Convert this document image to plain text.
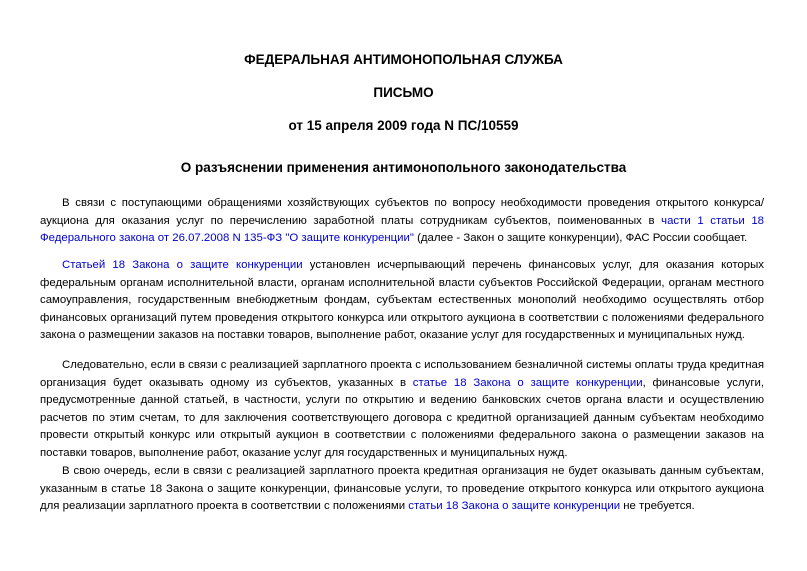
ФЕДЕРАЛЬНАЯ АНТИМОНОПОЛЬНАЯ СЛУЖБА
ПИСЬМО
от 15 апреля 2009 года N ПС/10559
О разъяснении применения антимонопольного законодательства

В связи с поступающими обращениями хозяйствующих субъектов по вопросу необходимости проведения открытого конкурса/аукциона для оказания услуг по перечислению заработной платы сотрудникам субъектов, поименованных в части 1 статьи 18 Федерального закона от 26.07.2008 N 135-ФЗ "О защите конкуренции" (далее - Закон о защите конкуренции), ФАС России сообщает.

Статьей 18 Закона о защите конкуренции установлен исчерпывающий перечень финансовых услуг, для оказания которых федеральным органам исполнительной власти, органам исполнительной власти субъектов Российской Федерации, органам местного самоуправления, государственным внебюджетным фондам, субъектам естественных монополий необходимо осуществлять отбор финансовых организаций путем проведения открытого конкурса или открытого аукциона в соответствии с положениями федерального закона о размещении заказов на поставки товаров, выполнение работ, оказание услуг для государственных и муниципальных нужд.

Следовательно, если в связи с реализацией зарплатного проекта с использованием безналичной системы оплаты труда кредитная организация будет оказывать одному из субъектов, указанных в статье 18 Закона о защите конкуренции, финансовые услуги, предусмотренные данной статьей, в частности, услуги по открытию и ведению банковских счетов органа власти и осуществлению расчетов по этим счетам, то для заключения соответствующего договора с кредитной организацией данным субъектам необходимо провести открытый конкурс или открытый аукцион в соответствии с положениями федерального закона о размещении заказов на поставки товаров, выполнение работ, оказание услуг для государственных и муниципальных нужд.

В свою очередь, если в связи с реализацией зарплатного проекта кредитная организация не будет оказывать данным субъектам, указанным в статье 18 Закона о защите конкуренции, финансовые услуги, то проведение открытого конкурса или открытого аукциона для реализации зарплатного проекта в соответствии с положениями статьи 18 Закона о защите конкуренции не требуется.
